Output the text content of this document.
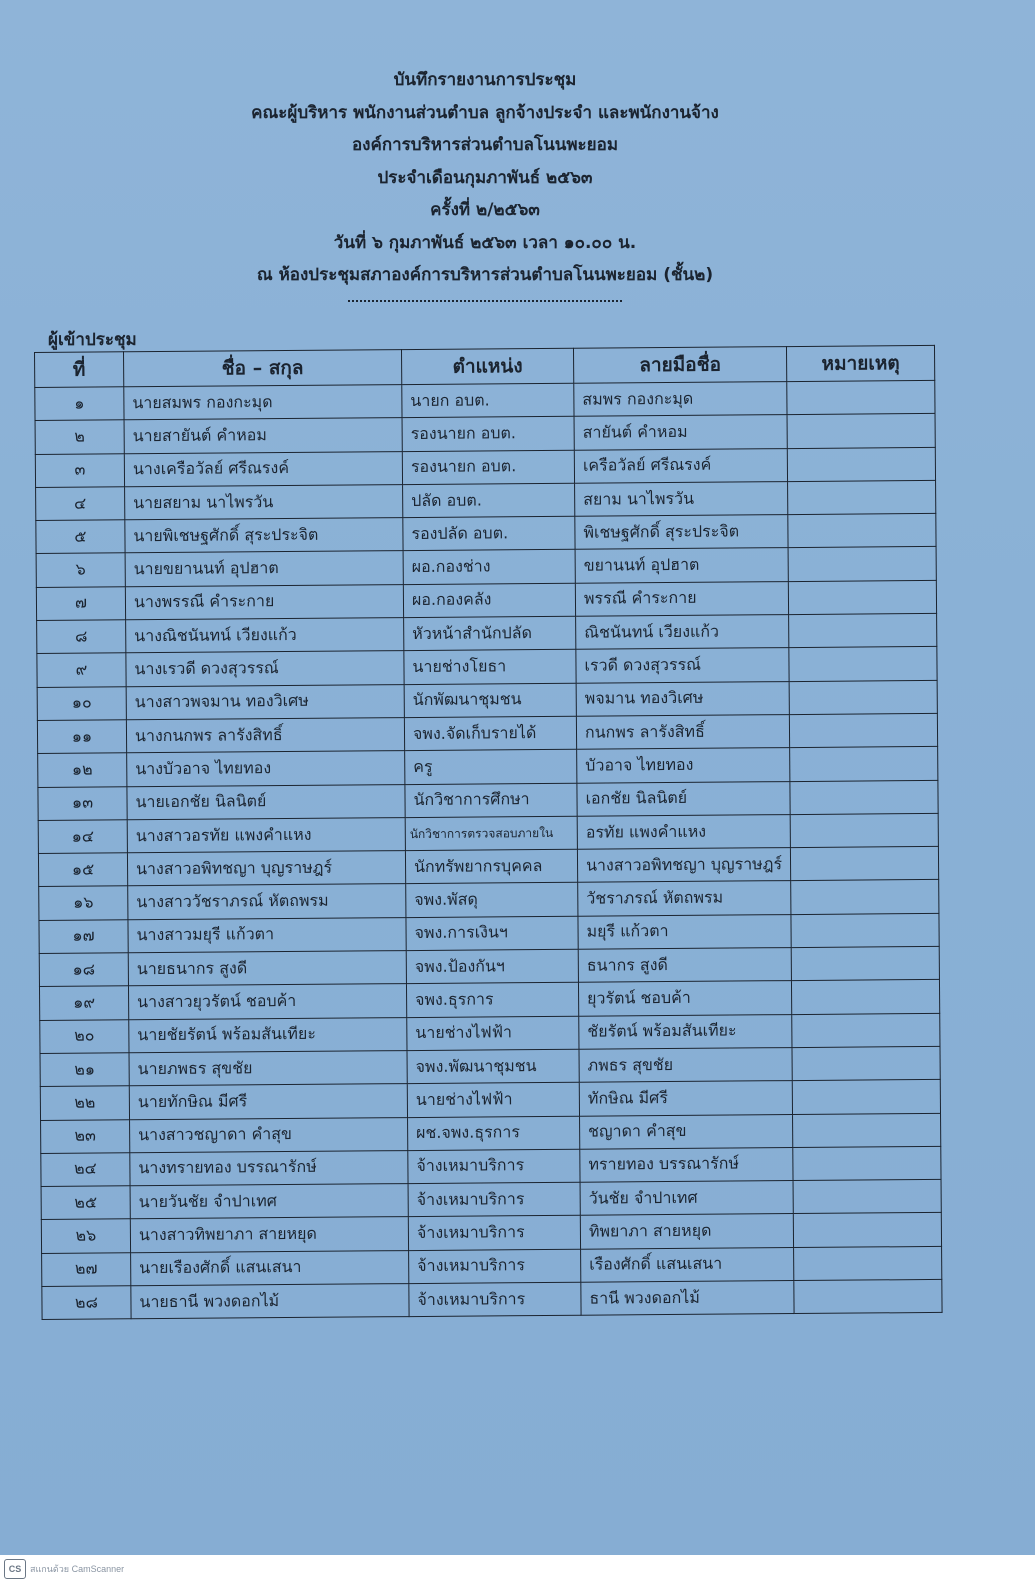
บันทึกรายงานการประชุม
คณะผู้บริหาร พนักงานส่วนตำบล ลูกจ้างประจำ และพนักงานจ้าง
องค์การบริหารส่วนตำบลโนนพะยอม
ประจำเดือนกุมภาพันธ์ ๒๕๖๓
ครั้งที่ ๒/๒๕๖๓
วันที่ ๖ กุมภาพันธ์ ๒๕๖๓ เวลา ๑๐.๐๐ น.
ณ ห้องประชุมสภาองค์การบริหารส่วนตำบลโนนพะยอม (ชั้น๒)
ผู้เข้าประชุม
ที่	ชื่อ – สกุล	ตำแหน่ง	ลายมือชื่อ	หมายเหตุ
๑	นายสมพร กองกะมุด	นายก อบต.	สมพร กองกะมุด	
๒	นายสายันต์ คำหอม	รองนายก อบต.	สายันต์ คำหอม	
๓	นางเครือวัลย์ ศรีณรงค์	รองนายก อบต.	เครือวัลย์ ศรีณรงค์	
๔	นายสยาม นาไพรวัน	ปลัด อบต.	สยาม นาไพรวัน	
๕	นายพิเชษฐศักดิ์ สุระประจิต	รองปลัด อบต.	พิเชษฐศักดิ์ สุระประจิต	
๖	นายขยานนท์ อุปฮาต	ผอ.กองช่าง	ขยานนท์ อุปฮาต	
๗	นางพรรณี คำระกาย	ผอ.กองคลัง	พรรณี คำระกาย	
๘	นางณิชนันทน์ เวียงแก้ว	หัวหน้าสำนักปลัด	ณิชนันทน์ เวียงแก้ว	
๙	นางเรวดี ดวงสุวรรณ์	นายช่างโยธา	เรวดี ดวงสุวรรณ์	
๑๐	นางสาวพจมาน ทองวิเศษ	นักพัฒนาชุมชน	พจมาน ทองวิเศษ	
๑๑	นางกนกพร ลารังสิทธิ์	จพง.จัดเก็บรายได้	กนกพร ลารังสิทธิ์	
๑๒	นางบัวอาจ ไทยทอง	ครู	บัวอาจ ไทยทอง	
๑๓	นายเอกชัย นิลนิตย์	นักวิชาการศึกษา	เอกชัย นิลนิตย์	
๑๔	นางสาวอรทัย แพงคำแหง	นักวิชาการตรวจสอบภายใน	อรทัย แพงคำแหง	
๑๕	นางสาวอพิทชญา บุญราษฎร์	นักทรัพยากรบุคคล	นางสาวอพิทชญา บุญราษฎร์	
๑๖	นางสาววัชราภรณ์ หัตถพรม	จพง.พัสดุ	วัชราภรณ์ หัตถพรม	
๑๗	นางสาวมยุรี แก้วตา	จพง.การเงินฯ	มยุรี แก้วตา	
๑๘	นายธนากร สูงดี	จพง.ป้องกันฯ	ธนากร สูงดี	
๑๙	นางสาวยุวรัตน์ ชอบค้า	จพง.ธุรการ	ยุวรัตน์ ชอบค้า	
๒๐	นายชัยรัตน์ พร้อมสันเทียะ	นายช่างไฟฟ้า	ชัยรัตน์ พร้อมสันเทียะ	
๒๑	นายภพธร สุขชัย	จพง.พัฒนาชุมชน	ภพธร สุขชัย	
๒๒	นายทักษิณ มีศรี	นายช่างไฟฟ้า	ทักษิณ มีศรี	
๒๓	นางสาวชญาดา คำสุข	ผช.จพง.ธุรการ	ชญาดา คำสุข	
๒๔	นางทรายทอง บรรณารักษ์	จ้างเหมาบริการ	ทรายทอง บรรณารักษ์	
๒๕	นายวันชัย จำปาเทศ	จ้างเหมาบริการ	วันชัย จำปาเทศ	
๒๖	นางสาวทิพยาภา สายหยุด	จ้างเหมาบริการ	ทิพยาภา สายหยุด	
๒๗	นายเรืองศักดิ์ แสนเสนา	จ้างเหมาบริการ	เรืองศักดิ์ แสนเสนา	
๒๘	นายธานี พวงดอกไม้	จ้างเหมาบริการ	ธานี พวงดอกไม้	
CS สแกนด้วย CamScanner
